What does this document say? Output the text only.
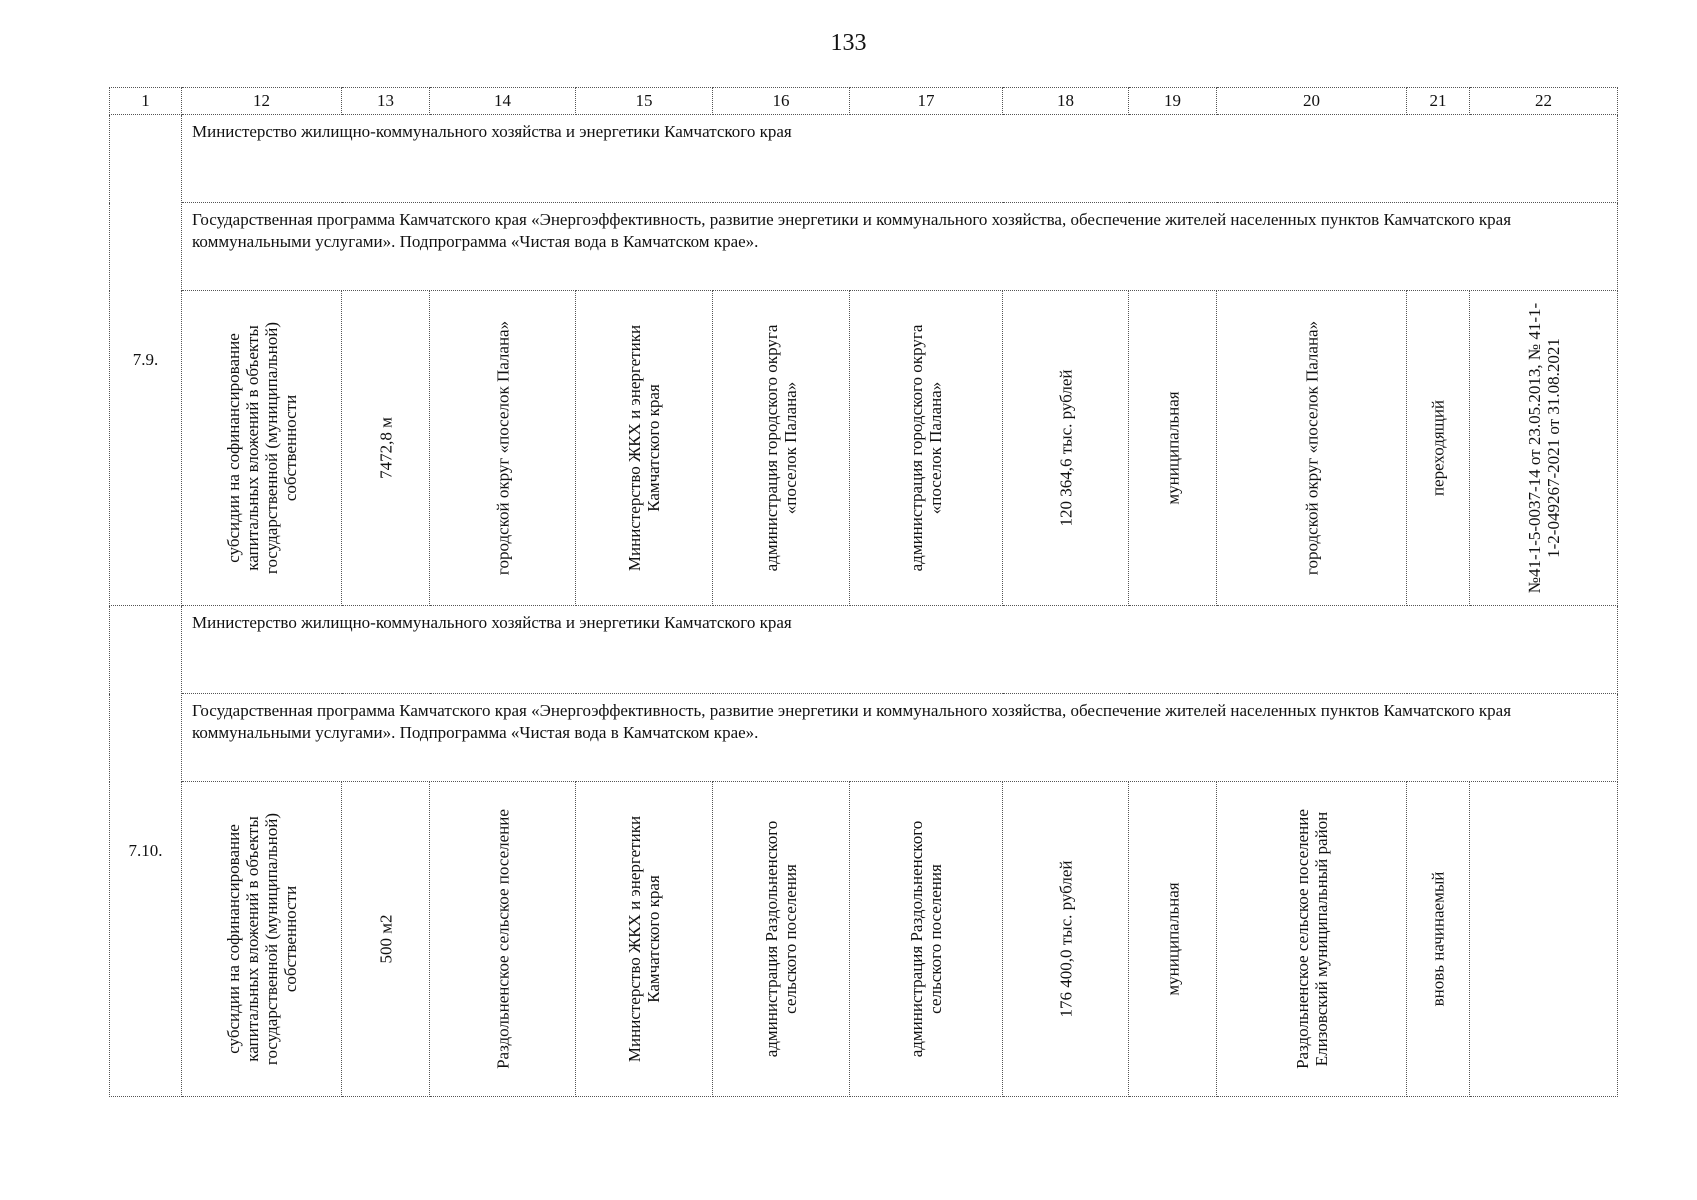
133
1	12	13	14	15	16	17	18	19	20	21	22
7.9.	Министерство жилищно-коммунального хозяйства и энергетики Камчатского края										
	Государственная программа Камчатского края «Энергоэффективность, развитие энергетики и коммунального хозяйства, обеспечение жителей населенных пунктов Камчатского края коммунальными услугами». Подпрограмма «Чистая вода в Камчатском крае».										

	субсидии на софинансирование капитальных вложений в объекты государственной (муниципальной) собственности	7472,8 м	городской округ «поселок Палана»	Министерство ЖКХ и энергетики Камчатского края	администрация городского округа «поселок Палана»	администрация городского округа «поселок Палана»	120 364,6 тыс. рублей	муниципальная	городской округ «поселок Палана»	переходящий	№41-1-5-0037-14 от 23.05.2013, № 41-1-1-2-049267-2021 от 31.08.2021

7.10.	Министерство жилищно-коммунального хозяйства и энергетики Камчатского края										
	Государственная программа Камчатского края «Энергоэффективность, развитие энергетики и коммунального хозяйства, обеспечение жителей населенных пунктов Камчатского края коммунальными услугами». Подпрограмма «Чистая вода в Камчатском крае».										

	субсидии на софинансирование капитальных вложений в объекты государственной (муниципальной) собственности	500 м2	Раздольненское сельское поселение	Министерство ЖКХ и энергетики Камчатского края	администрация Раздольненского сельского поселения	администрация Раздольненского сельского поселения	176 400,0 тыс. рублей	муниципальная	Раздольненское сельское поселение Елизовский муниципальный район	вновь начинаемый	
